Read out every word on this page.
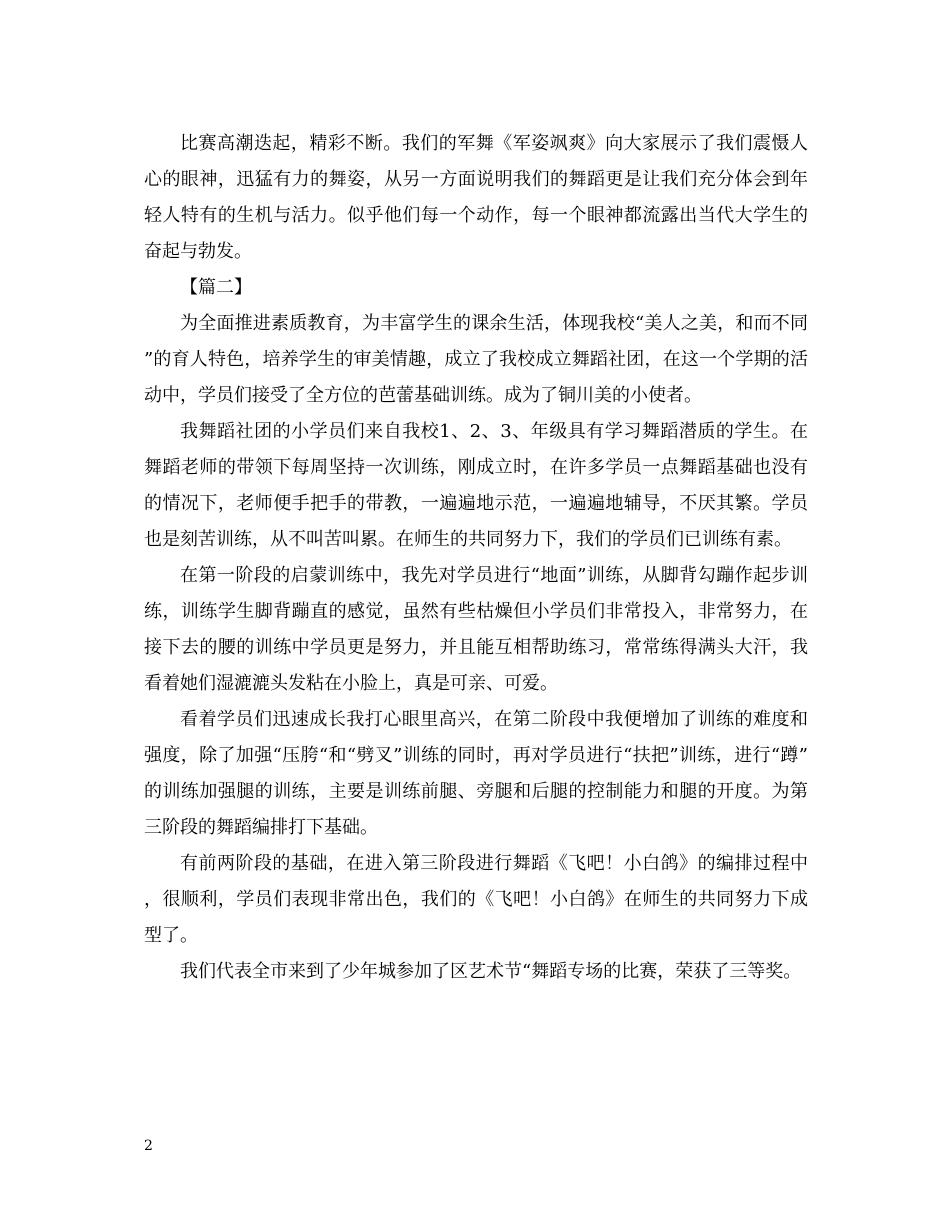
比赛高潮迭起，精彩不断。我们的军舞《军姿飒爽》向大家展示了我们震慑人心的眼神，迅猛有力的舞姿，从另一方面说明我们的舞蹈更是让我们充分体会到年轻人特有的生机与活力。似乎他们每一个动作，每一个眼神都流露出当代大学生的奋起与勃发。

【篇二】

为全面推进素质教育，为丰富学生的课余生活，体现我校“美人之美，和而不同”的育人特色，培养学生的审美情趣，成立了我校成立舞蹈社团，在这一个学期的活动中，学员们接受了全方位的芭蕾基础训练。成为了铜川美的小使者。

我舞蹈社团的小学员们来自我校1、2、3、年级具有学习舞蹈潜质的学生。在舞蹈老师的带领下每周坚持一次训练，刚成立时，在许多学员一点舞蹈基础也没有的情况下，老师便手把手的带教，一遍遍地示范，一遍遍地辅导，不厌其繁。学员也是刻苦训练，从不叫苦叫累。在师生的共同努力下，我们的学员们已训练有素。

在第一阶段的启蒙训练中，我先对学员进行“地面”训练，从脚背勾蹦作起步训练，训练学生脚背蹦直的感觉，虽然有些枯燥但小学员们非常投入，非常努力，在接下去的腰的训练中学员更是努力，并且能互相帮助练习，常常练得满头大汗，我看着她们湿漉漉头发粘在小脸上，真是可亲、可爱。

看着学员们迅速成长我打心眼里高兴，在第二阶段中我便增加了训练的难度和强度，除了加强“压胯“和“劈叉”训练的同时，再对学员进行“扶把”训练，进行“蹲”的训练加强腿的训练，主要是训练前腿、旁腿和后腿的控制能力和腿的开度。为第三阶段的舞蹈编排打下基础。

有前两阶段的基础，在进入第三阶段进行舞蹈《飞吧！小白鸽》的编排过程中，很顺利，学员们表现非常出色，我们的《飞吧！小白鸽》在师生的共同努力下成型了。

我们代表全市来到了少年城参加了区艺术节“舞蹈专场的比赛，荣获了三等奖。

2
